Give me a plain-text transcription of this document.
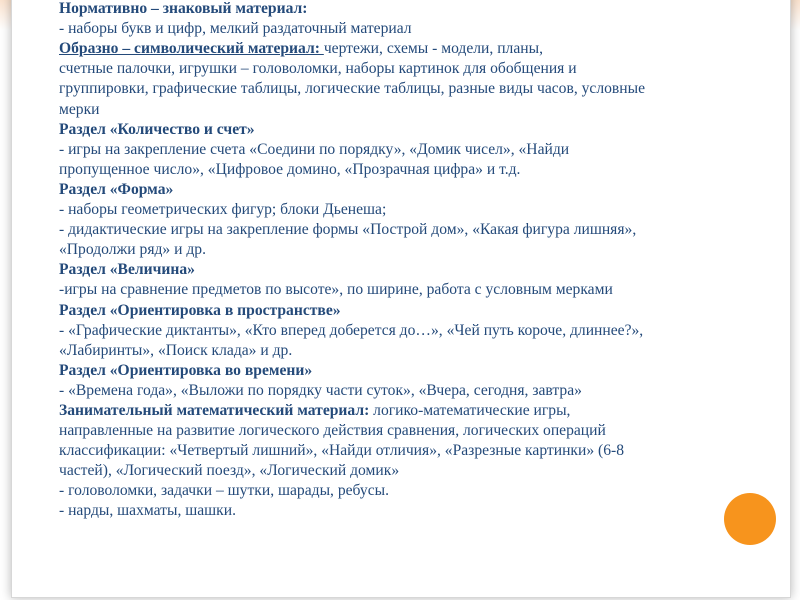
Нормативно – знаковый материал:
- наборы букв и цифр, мелкий раздаточный материал
Образно – символический материал: чертежи, схемы - модели, планы,
счетные палочки, игрушки – головоломки, наборы картинок для обобщения и
группировки, графические таблицы, логические таблицы, разные виды часов, условные
мерки
Раздел «Количество и счет»
- игры на закрепление счета «Соедини по порядку», «Домик чисел», «Найди
пропущенное число», «Цифровое домино, «Прозрачная цифра» и т.д.
Раздел «Форма»
- наборы геометрических фигур; блоки Дьенеша;
- дидактические игры на закрепление формы «Построй дом», «Какая фигура лишняя»,
«Продолжи ряд» и др.
Раздел «Величина»
-игры на сравнение предметов по высоте», по ширине, работа с условным мерками
Раздел «Ориентировка в пространстве»
- «Графические диктанты», «Кто вперед доберется до…», «Чей путь короче, длиннее?»,
«Лабиринты», «Поиск клада» и др.
Раздел «Ориентировка во времени»
- «Времена года», «Выложи по порядку части суток», «Вчера, сегодня, завтра»
Занимательный математический материал: логико-математические игры,
направленные на развитие логического действия сравнения, логических операций
классификации: «Четвертый лишний», «Найди отличия», «Разрезные картинки» (6-8
частей), «Логический поезд», «Логический домик»
- головоломки, задачки – шутки, шарады, ребусы.
- нарды, шахматы, шашки.
